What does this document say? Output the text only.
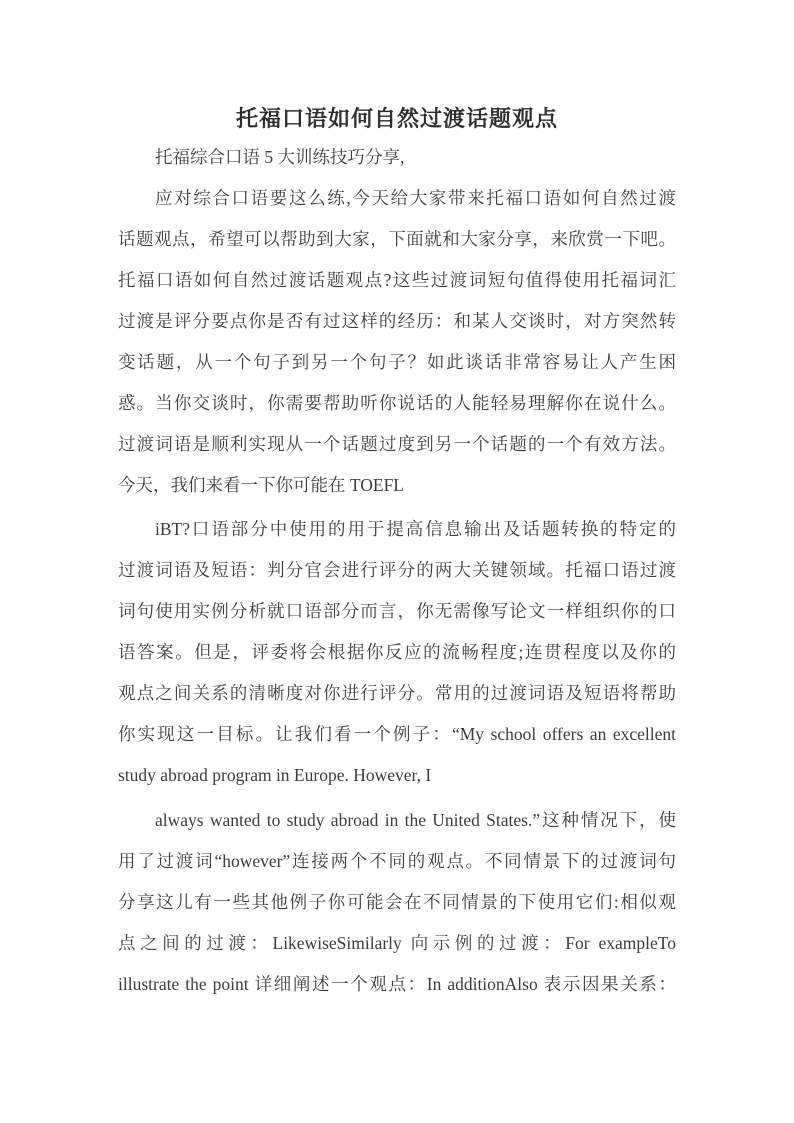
托福口语如何自然过渡话题观点
托福综合口语 5 大训练技巧分享,
应对综合口语要这么练,今天给大家带来托福口语如何自然过渡
话题观点，希望可以帮助到大家，下面就和大家分享，来欣赏一下吧。
托福口语如何自然过渡话题观点?这些过渡词短句值得使用托福词汇
过渡是评分要点你是否有过这样的经历：和某人交谈时，对方突然转
变话题，从一个句子到另一个句子？如此谈话非常容易让人产生困
惑。当你交谈时，你需要帮助听你说话的人能轻易理解你在说什么。
过渡词语是顺利实现从一个话题过度到另一个话题的一个有效方法。
今天，我们来看一下你可能在 TOEFL
iBT?口语部分中使用的用于提高信息输出及话题转换的特定的
过渡词语及短语：判分官会进行评分的两大关键领域。托福口语过渡
词句使用实例分析就口语部分而言，你无需像写论文一样组织你的口
语答案。但是，评委将会根据你反应的流畅程度;连贯程度以及你的
观点之间关系的清晰度对你进行评分。常用的过渡词语及短语将帮助
你实现这一目标。让我们看一个例子：“My school offers an excellent
study abroad program in Europe. However, I
always wanted to study abroad in the United States.”这种情况下，使
用了过渡词“however”连接两个不同的观点。不同情景下的过渡词句
分享这儿有一些其他例子你可能会在不同情景的下使用它们:相似观
点之间的过渡：LikewiseSimilarly 向示例的过渡：For exampleTo
illustrate the point 详细阐述一个观点：In additionAlso 表示因果关系：
